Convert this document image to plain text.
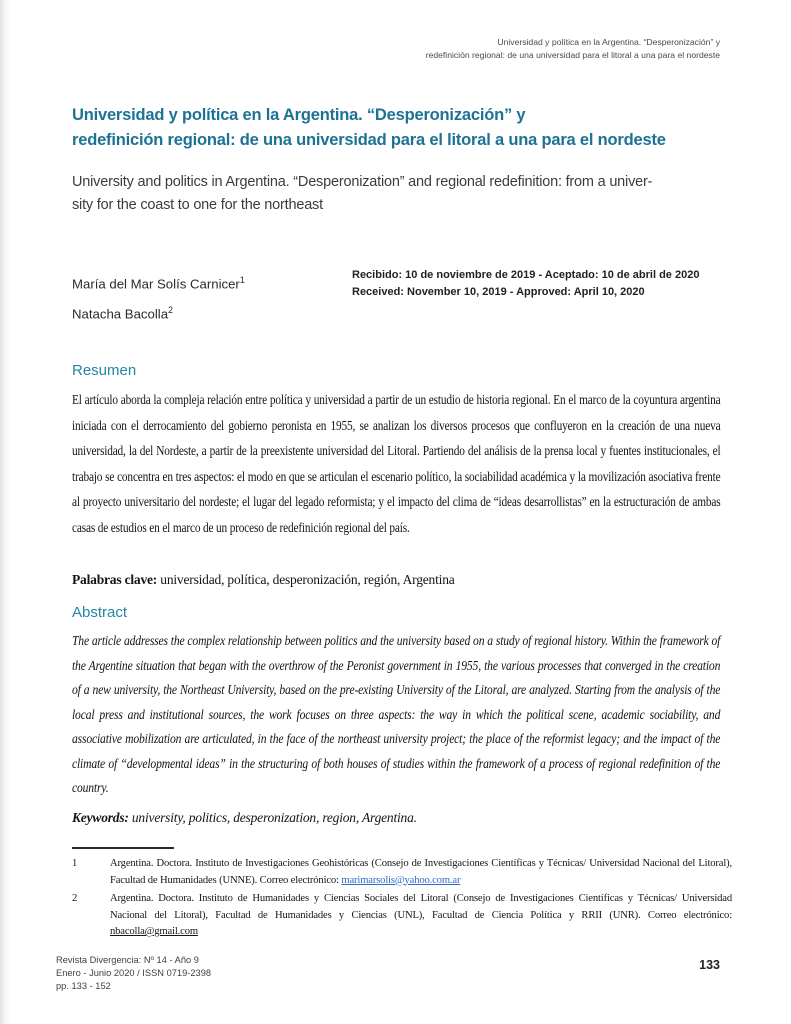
Universidad y política en la Argentina. “Desperonización” y
redefinición regional: de una universidad para el litoral a una para el nordeste
Universidad y política en la Argentina. “Desperonización” y
redefinición regional: de una universidad para el litoral a una para el nordeste
University and politics in Argentina. “Desperonization” and regional redefinition: from a univer-
sity for the coast to one for the northeast
María del Mar Solís Carnicer$^1$
Natacha Bacolla$^2$
Recibido: 10 de noviembre de 2019 - Aceptado: 10 de abril de 2020
Received: November 10, 2019 - Approved: April 10, 2020
Resumen
El artículo aborda la compleja relación entre política y universidad a partir de un estudio de historia regional. En el marco de la coyuntura argentina iniciada con el derrocamiento del gobierno peronista en 1955, se analizan los diversos procesos que confluyeron en la creación de una nueva universidad, la del Nordeste, a partir de la preexistente universidad del Litoral. Partiendo del análisis de la prensa local y fuentes institucionales, el trabajo se concentra en tres aspectos: el modo en que se articulan el escenario político, la sociabilidad académica y la movilización asociativa frente al proyecto universitario del nordeste; el lugar del legado reformista; y el impacto del clima de “ideas desarrollistas” en la estructuración de ambas casas de estudios en el marco de un proceso de redefinición regional del país.
Palabras clave: universidad, política, desperonización, región, Argentina
Abstract
The article addresses the complex relationship between politics and the university based on a study of regional history. Within the framework of the Argentine situation that began with the overthrow of the Peronist government in 1955, the various processes that converged in the creation of a new university, the Northeast University, based on the pre-existing University of the Litoral, are analyzed. Starting from the analysis of the local press and institutional sources, the work focuses on three aspects: the way in which the political scene, academic sociability, and associative mobilization are articulated, in the face of the northeast university project; the place of the reformist legacy; and the impact of the climate of “developmental ideas” in the structuring of both houses of studies within the framework of a process of regional redefinition of the country.
Keywords: university, politics, desperonization, region, Argentina.
1	Argentina. Doctora. Instituto de Investigaciones Geohistóricas (Consejo de Investigaciones Científicas y Técnicas/ Universidad Nacional del Litoral), Facultad de Humanidades (UNNE). Correo electrónico: marimarsolis@yahoo.com.ar
2	Argentina. Doctora. Instituto de Humanidades y Ciencias Sociales del Litoral (Consejo de Investigaciones Científicas y Técnicas/ Universidad Nacional del Litoral), Facultad de Humanidades y Ciencias (UNL), Facultad de Ciencia Política y RRII (UNR). Correo electrónico: nbacolla@gmail.com
Revista Divergencia: Nº 14 - Año 9
Enero - Junio 2020 / ISSN 0719-2398
pp. 133 - 152
133
